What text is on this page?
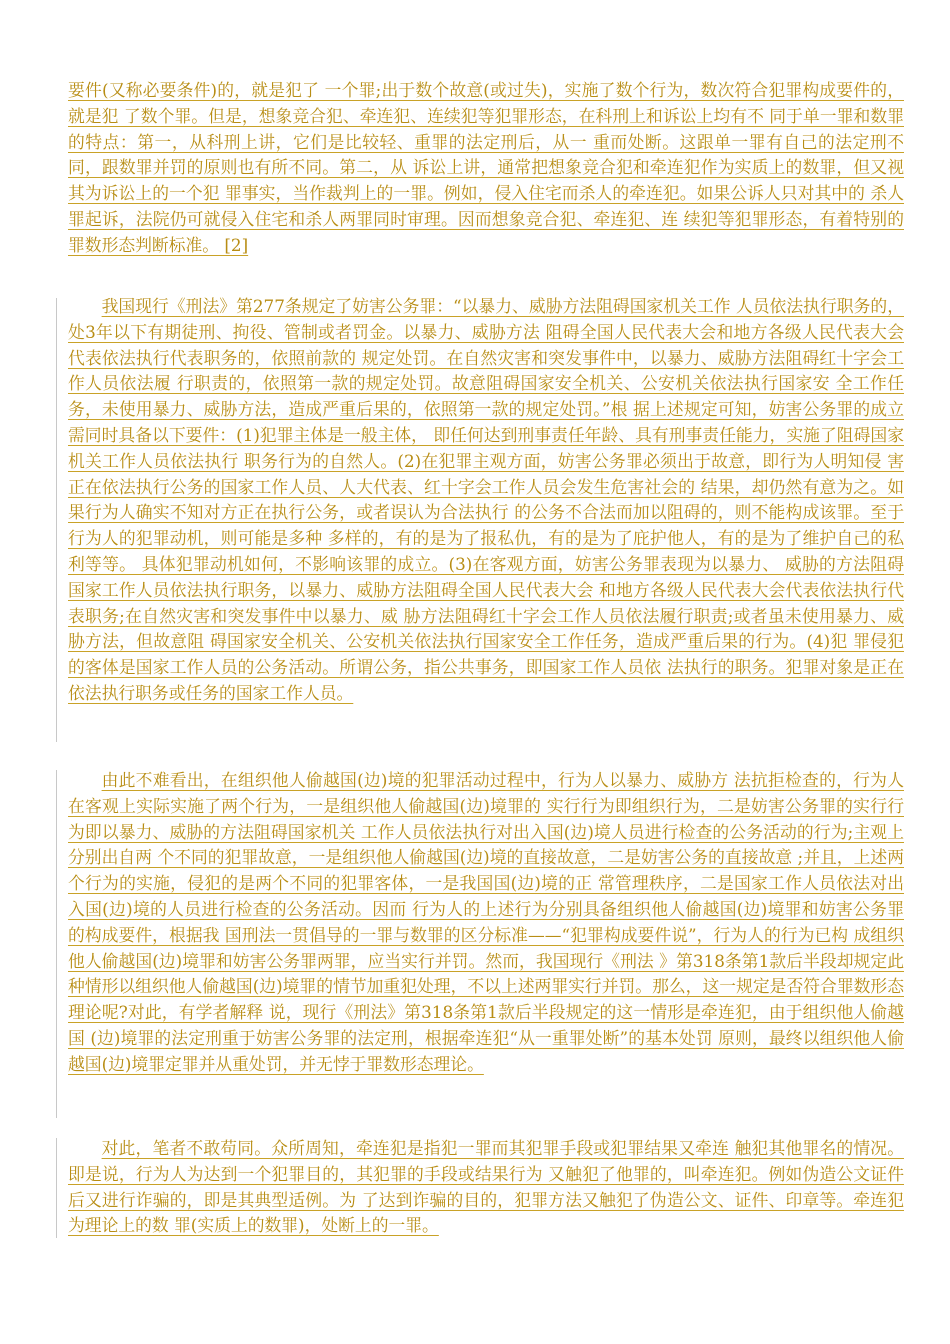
要件(又称必要条件)的，就是犯了 一个罪;出于数个故意(或过失)，实施了数个行为，数次符合犯罪构成要件的，就是犯 了数个罪。但是，想象竞合犯、牵连犯、连续犯等犯罪形态，在科刑上和诉讼上均有不 同于单一罪和数罪的特点：第一，从科刑上讲，它们是比较轻、重罪的法定刑后，从一 重而处断。这跟单一罪有自己的法定刑不同，跟数罪并罚的原则也有所不同。第二，从 诉讼上讲，通常把想象竞合犯和牵连犯作为实质上的数罪，但又视其为诉讼上的一个犯 罪事实，当作裁判上的一罪。例如，侵入住宅而杀人的牵连犯。如果公诉人只对其中的 杀人罪起诉，法院仍可就侵入住宅和杀人两罪同时审理。因而想象竞合犯、牵连犯、连 续犯等犯罪形态，有着特别的罪数形态判断标准。 [2]

我国现行《刑法》第277条规定了妨害公务罪：“以暴力、威胁方法阻碍国家机关工作 人员依法执行职务的，处3年以下有期徒刑、拘役、管制或者罚金。以暴力、威胁方法 阻碍全国人民代表大会和地方各级人民代表大会代表依法执行代表职务的，依照前款的 规定处罚。在自然灾害和突发事件中，以暴力、威胁方法阻碍红十字会工作人员依法履 行职责的，依照第一款的规定处罚。故意阻碍国家安全机关、公安机关依法执行国家安 全工作任务，未使用暴力、威胁方法，造成严重后果的，依照第一款的规定处罚。”根 据上述规定可知，妨害公务罪的成立需同时具备以下要件：(1)犯罪主体是一般主体， 即任何达到刑事责任年龄、具有刑事责任能力，实施了阻碍国家机关工作人员依法执行 职务行为的自然人。(2)在犯罪主观方面，妨害公务罪必须出于故意，即行为人明知侵 害正在依法执行公务的国家工作人员、人大代表、红十字会工作人员会发生危害社会的 结果，却仍然有意为之。如果行为人确实不知对方正在执行公务，或者误认为合法执行 的公务不合法而加以阻碍的，则不能构成该罪。至于行为人的犯罪动机，则可能是多种 多样的，有的是为了报私仇，有的是为了庇护他人，有的是为了维护自己的私利等等。 具体犯罪动机如何，不影响该罪的成立。(3)在客观方面，妨害公务罪表现为以暴力、 威胁的方法阻碍国家工作人员依法执行职务，以暴力、威胁方法阻碍全国人民代表大会 和地方各级人民代表大会代表依法执行代表职务;在自然灾害和突发事件中以暴力、威 胁方法阻碍红十字会工作人员依法履行职责;或者虽未使用暴力、威胁方法，但故意阻 碍国家安全机关、公安机关依法执行国家安全工作任务，造成严重后果的行为。(4)犯 罪侵犯的客体是国家工作人员的公务活动。所谓公务，指公共事务，即国家工作人员依 法执行的职务。犯罪对象是正在依法执行职务或任务的国家工作人员。

由此不难看出，在组织他人偷越国(边)境的犯罪活动过程中，行为人以暴力、威胁方 法抗拒检查的，行为人在客观上实际实施了两个行为，一是组织他人偷越国(边)境罪的 实行行为即组织行为，二是妨害公务罪的实行行为即以暴力、威胁的方法阻碍国家机关 工作人员依法执行对出入国(边)境人员进行检查的公务活动的行为;主观上分别出自两 个不同的犯罪故意，一是组织他人偷越国(边)境的直接故意，二是妨害公务的直接故意 ;并且，上述两个行为的实施，侵犯的是两个不同的犯罪客体，一是我国国(边)境的正 常管理秩序，二是国家工作人员依法对出入国(边)境的人员进行检查的公务活动。因而 行为人的上述行为分别具备组织他人偷越国(边)境罪和妨害公务罪的构成要件，根据我 国刑法一贯倡导的一罪与数罪的区分标准——“犯罪构成要件说”，行为人的行为已构 成组织他人偷越国(边)境罪和妨害公务罪两罪，应当实行并罚。然而，我国现行《刑法 》第318条第1款后半段却规定此种情形以组织他人偷越国(边)境罪的情节加重犯处理，不以上述两罪实行并罚。那么，这一规定是否符合罪数形态理论呢?对此，有学者解释 说，现行《刑法》第318条第1款后半段规定的这一情形是牵连犯，由于组织他人偷越国 (边)境罪的法定刑重于妨害公务罪的法定刑，根据牵连犯“从一重罪处断”的基本处罚 原则，最终以组织他人偷越国(边)境罪定罪并从重处罚，并无悖于罪数形态理论。

对此，笔者不敢苟同。众所周知，牵连犯是指犯一罪而其犯罪手段或犯罪结果又牵连 触犯其他罪名的情况。即是说，行为人为达到一个犯罪目的，其犯罪的手段或结果行为 又触犯了他罪的，叫牵连犯。例如伪造公文证件后又进行诈骗的，即是其典型适例。为 了达到诈骗的目的，犯罪方法又触犯了伪造公文、证件、印章等。牵连犯为理论上的数 罪(实质上的数罪)，处断上的一罪。
